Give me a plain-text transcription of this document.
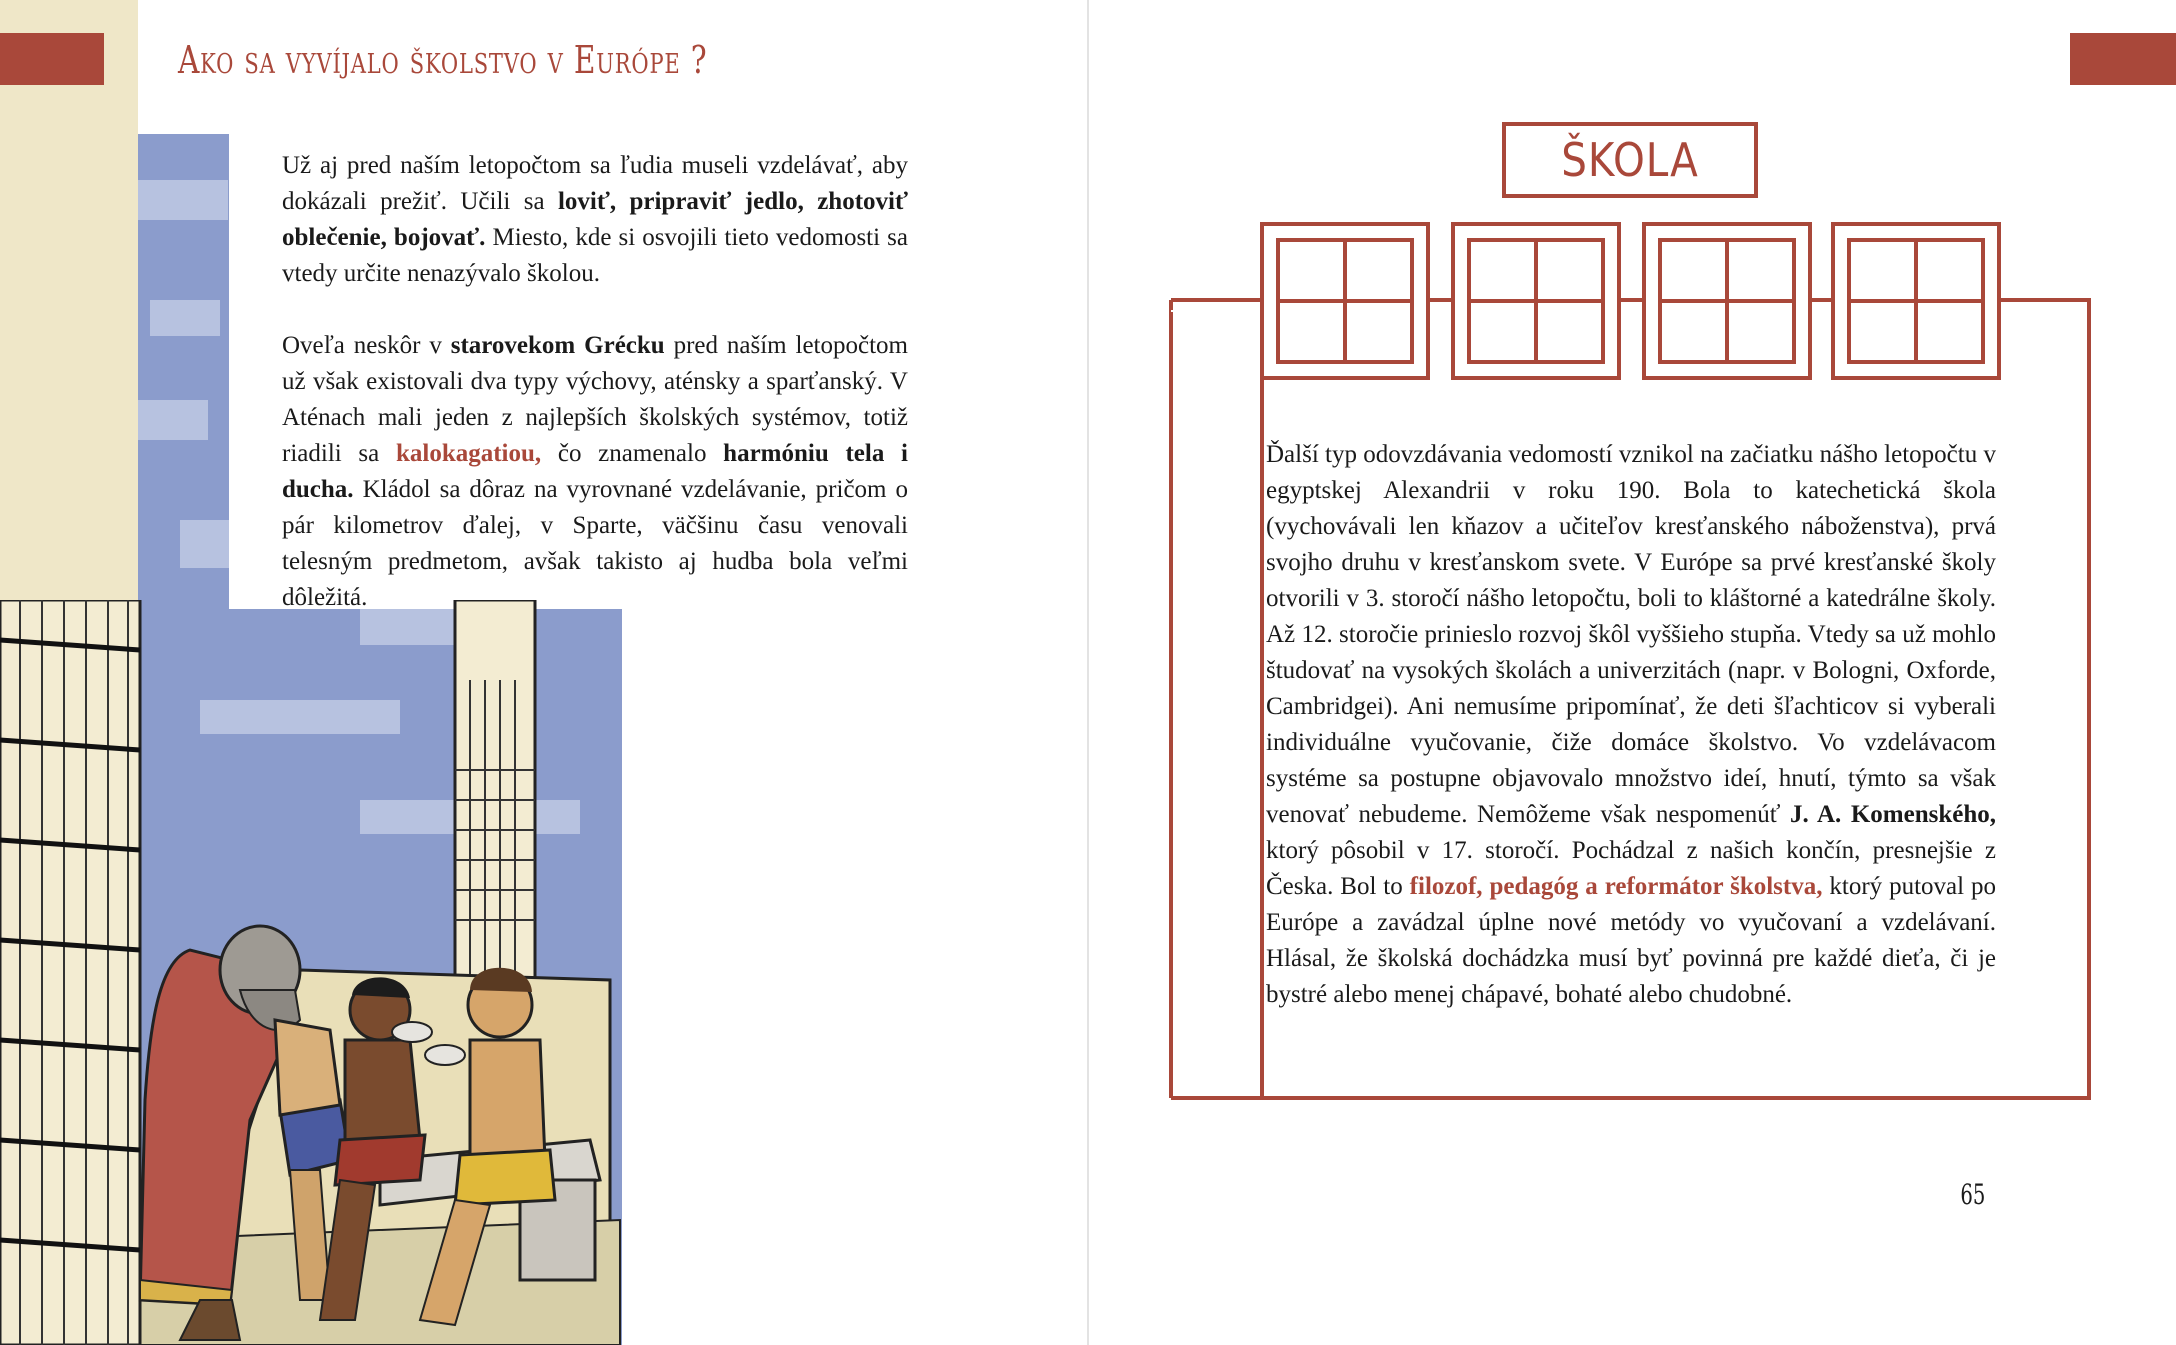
Ako sa vyvíjalo školstvo v Európe ?
Už aj pred naším letopočtom sa ľudia museli vzdelávať, aby dokázali prežiť. Učili sa loviť, pripraviť jedlo, zhotoviť oblečenie, bojovať. Miesto, kde si osvojili tieto vedomosti sa vtedy určite nenazývalo školou.
Oveľa neskôr v starovekom Grécku pred naším letopočtom už však existovali dva typy výchovy, aténsky a sparťanský. V Aténach mali jeden z najlepších školských systémov, totiž riadili sa kalokagatiou, čo znamenalo harmóniu tela i ducha. Kládol sa dôraz na vyrovnané vzdelávanie, pričom o pár kilometrov ďalej, v Sparte, väčšinu času venovali telesným predmetom, avšak takisto aj hudba bola veľmi dôležitá.
ŠKOLA
Ďalší typ odovzdávania vedomostí vznikol na začiatku nášho letopočtu v egyptskej Alexandrii v roku 190. Bola to katechetická škola (vychovávali len kňazov a učiteľov kresťanského náboženstva), prvá svojho druhu v kresťanskom svete. V Európe sa prvé kresťanské školy otvorili v 3. storočí nášho letopočtu, boli to kláštorné a katedrálne školy. Až 12. storočie prinieslo rozvoj škôl vyššieho stupňa. Vtedy sa už mohlo študovať na vysokých školách a univerzitách (napr. v Bologni, Oxforde, Cambridgei). Ani nemusíme pripomínať, že deti šľachticov si vyberali individuálne vyučovanie, čiže domáce školstvo. Vo vzdelávacom systéme sa postupne objavovalo množstvo ideí, hnutí, týmto sa však venovať nebudeme. Nemôžeme však nespomenúť J. A. Komenského, ktorý pôsobil v 17. storočí. Pochádzal z našich končín, presnejšie z Česka. Bol to filozof, pedagóg a reformátor školstva, ktorý putoval po Európe a zavádzal úplne nové metódy vo vyučovaní a vzdelávaní. Hlásal, že školská dochádzka musí byť povinná pre každé dieťa, či je bystré alebo menej chápavé, bohaté alebo chudobné.
65
